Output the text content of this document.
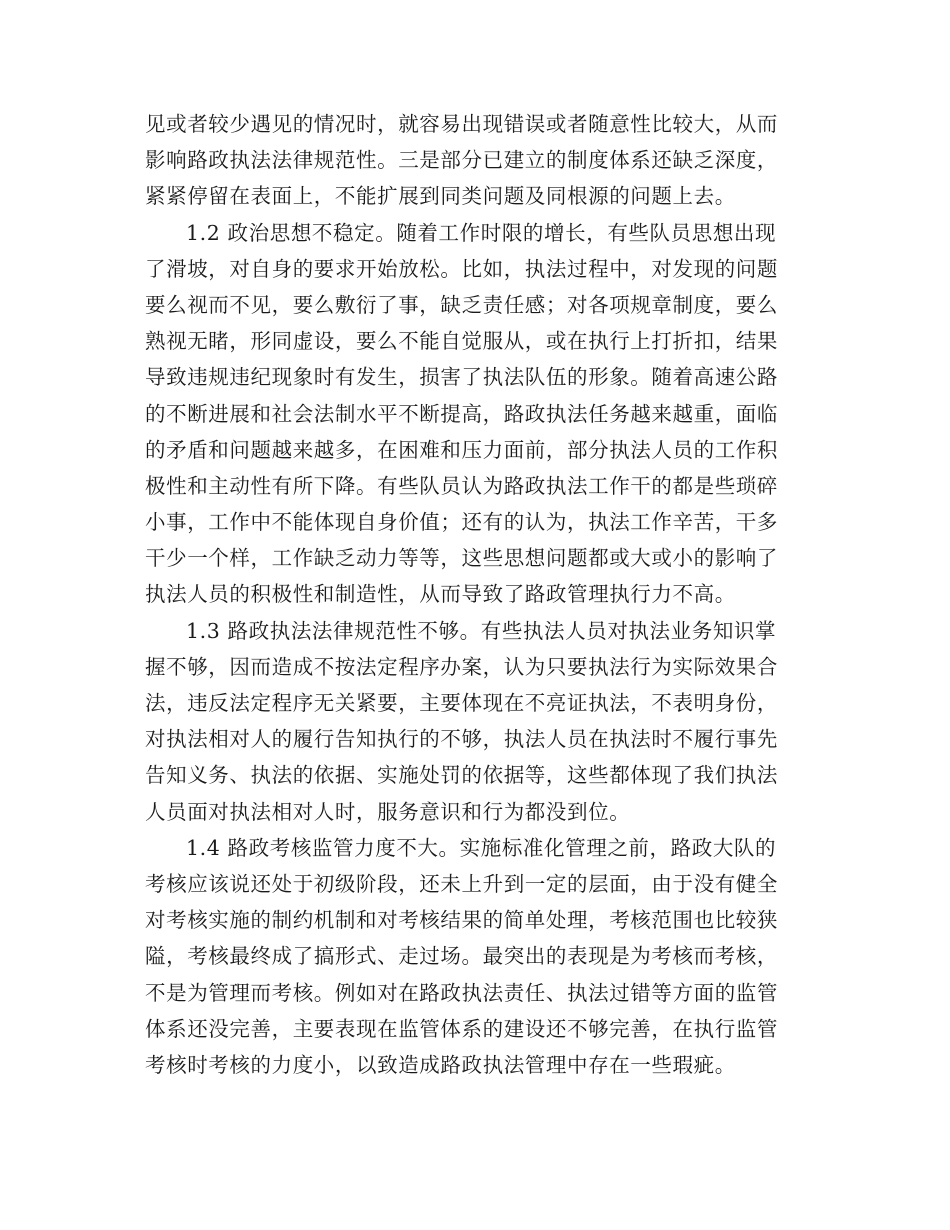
见或者较少遇见的情况时，就容易出现错误或者随意性比较大，从而
影响路政执法法律规范性。三是部分已建立的制度体系还缺乏深度，
紧紧停留在表面上，不能扩展到同类问题及同根源的问题上去。
1.2 政治思想不稳定。随着工作时限的增长，有些队员思想出现
了滑坡，对自身的要求开始放松。比如，执法过程中，对发现的问题
要么视而不见，要么敷衍了事，缺乏责任感；对各项规章制度，要么
熟视无睹，形同虚设，要么不能自觉服从，或在执行上打折扣，结果
导致违规违纪现象时有发生，损害了执法队伍的形象。随着高速公路
的不断进展和社会法制水平不断提高，路政执法任务越来越重，面临
的矛盾和问题越来越多，在困难和压力面前，部分执法人员的工作积
极性和主动性有所下降。有些队员认为路政执法工作干的都是些琐碎
小事，工作中不能体现自身价值；还有的认为，执法工作辛苦，干多
干少一个样，工作缺乏动力等等，这些思想问题都或大或小的影响了
执法人员的积极性和制造性，从而导致了路政管理执行力不高。
1.3 路政执法法律规范性不够。有些执法人员对执法业务知识掌
握不够，因而造成不按法定程序办案，认为只要执法行为实际效果合
法，违反法定程序无关紧要，主要体现在不亮证执法，不表明身份，
对执法相对人的履行告知执行的不够，执法人员在执法时不履行事先
告知义务、执法的依据、实施处罚的依据等，这些都体现了我们执法
人员面对执法相对人时，服务意识和行为都没到位。
1.4 路政考核监管力度不大。实施标准化管理之前，路政大队的
考核应该说还处于初级阶段，还未上升到一定的层面，由于没有健全
对考核实施的制约机制和对考核结果的简单处理，考核范围也比较狭
隘，考核最终成了搞形式、走过场。最突出的表现是为考核而考核，
不是为管理而考核。例如对在路政执法责任、执法过错等方面的监管
体系还没完善，主要表现在监管体系的建设还不够完善，在执行监管
考核时考核的力度小，以致造成路政执法管理中存在一些瑕疵。
